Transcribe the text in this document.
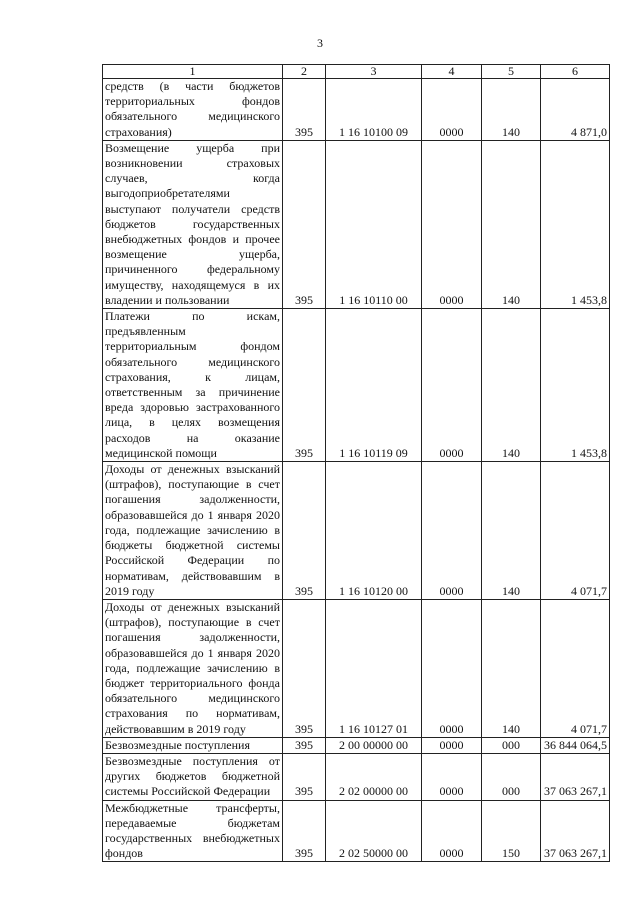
3
1	2	3	4	5	6
средств (в части бюджетов территориальных фондов обязательного медицинского страхования)	395	1 16 10100 09	0000	140	4 871,0
Возмещение ущерба при возникновении страховых случаев, когда выгодоприобретателями выступают получатели средств бюджетов государственных внебюджетных фондов и прочее возмещение ущерба, причиненного федеральному имуществу, находящемуся в их владении и пользовании	395	1 16 10110 00	0000	140	1 453,8
Платежи по искам, предъявленным территориальным фондом обязательного медицинского страхования, к лицам, ответственным за причинение вреда здоровью застрахованного лица, в целях возмещения расходов на оказание медицинской помощи	395	1 16 10119 09	0000	140	1 453,8
Доходы от денежных взысканий (штрафов), поступающие в счет погашения задолженности, образовавшейся до 1 января 2020 года, подлежащие зачислению в бюджеты бюджетной системы Российской Федерации по нормативам, действовавшим в 2019 году	395	1 16 10120 00	0000	140	4 071,7
Доходы от денежных взысканий (штрафов), поступающие в счет погашения задолженности, образовавшейся до 1 января 2020 года, подлежащие зачислению в бюджет территориального фонда обязательного медицинского страхования по нормативам, действовавшим в 2019 году	395	1 16 10127 01	0000	140	4 071,7
Безвозмездные поступления	395	2 00 00000 00	0000	000	36 844 064,5
Безвозмездные поступления от других бюджетов бюджетной системы Российской Федерации	395	2 02 00000 00	0000	000	37 063 267,1
Межбюджетные трансферты, передаваемые бюджетам государственных внебюджетных фондов	395	2 02 50000 00	0000	150	37 063 267,1
